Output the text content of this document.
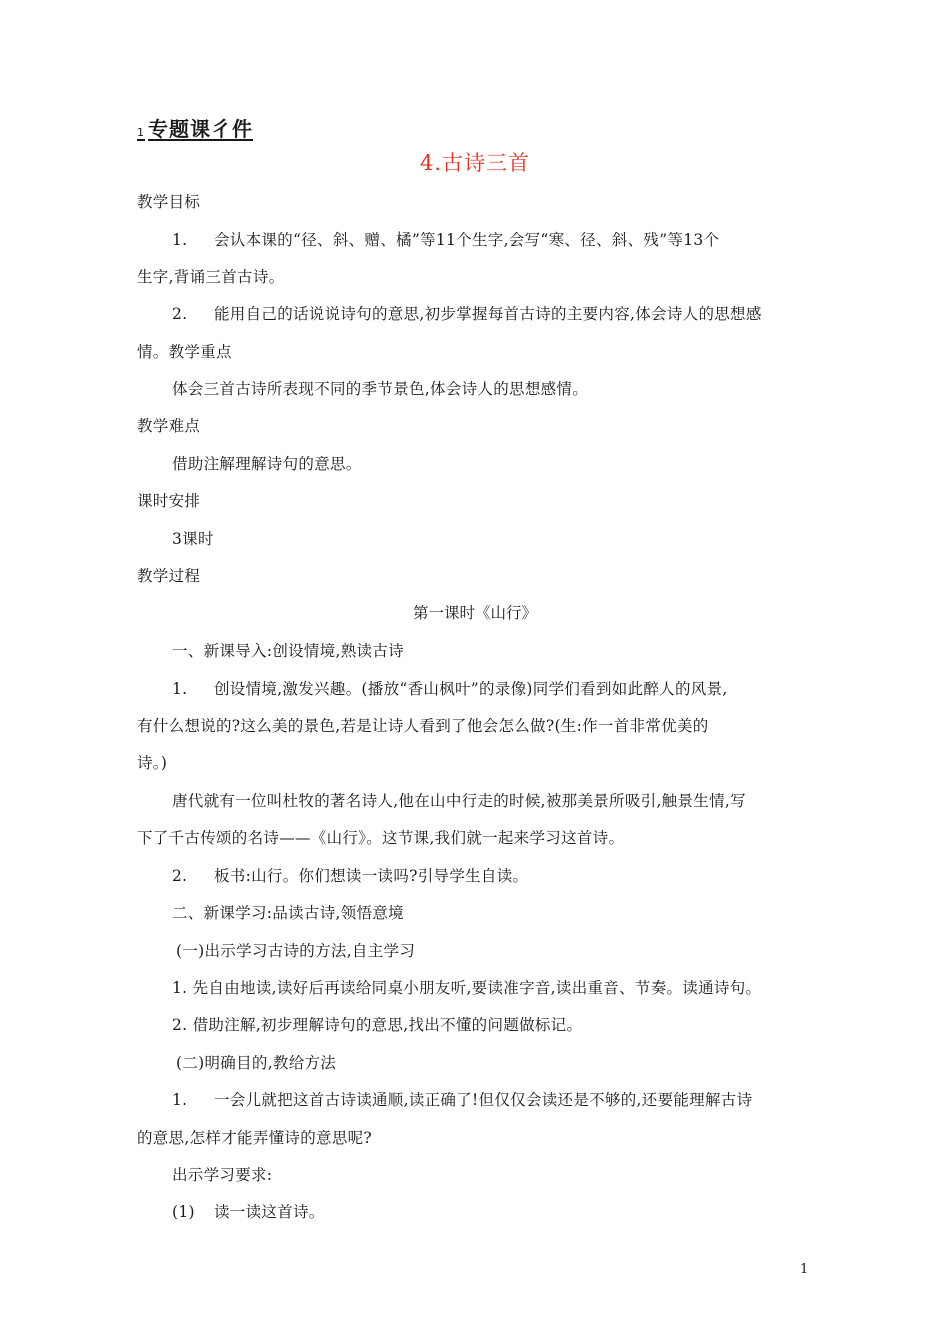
1 专题课彳件
4.古诗三首
教学目标
1. 会认本课的“径、斜、赠、橘”等11个生字,会写“寒、径、斜、残”等13个
生字,背诵三首古诗。
2. 能用自己的话说说诗句的意思,初步掌握每首古诗的主要内容,体会诗人的思想感
情。教学重点
体会三首古诗所表现不同的季节景色,体会诗人的思想感情。
教学难点
借助注解理解诗句的意思。
课时安排
3课时
教学过程
第一课时《山行》
一、新课导入:创设情境,熟读古诗
1. 创设情境,激发兴趣。(播放“香山枫叶”的录像)同学们看到如此醉人的风景,
有什么想说的?这么美的景色,若是让诗人看到了他会怎么做?(生:作一首非常优美的
诗。)
唐代就有一位叫杜牧的著名诗人,他在山中行走的时候,被那美景所吸引,触景生情,写
下了千古传颂的名诗——《山行》。这节课,我们就一起来学习这首诗。
2. 板书:山行。你们想读一读吗?引导学生自读。
二、新课学习:品读古诗,领悟意境
(一)出示学习古诗的方法,自主学习
1. 先自由地读,读好后再读给同桌小朋友听,要读准字音,读出重音、节奏。读通诗句。
2. 借助注解,初步理解诗句的意思,找出不懂的问题做标记。
(二)明确目的,教给方法
1. 一会儿就把这首古诗读通顺,读正确了!但仅仅会读还是不够的,还要能理解古诗
的意思,怎样才能弄懂诗的意思呢?
出示学习要求:
(1) 读一读这首诗。
1
